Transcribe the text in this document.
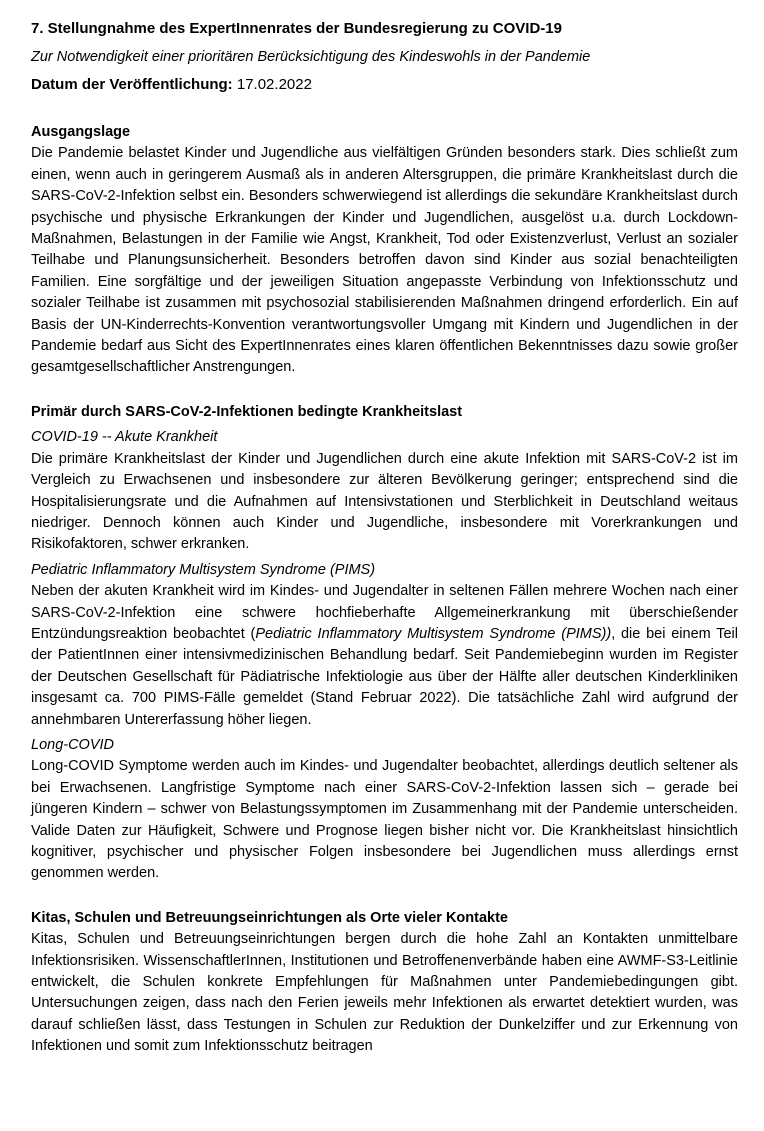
7. Stellungnahme des ExpertInnenrates der Bundesregierung zu COVID-19
Zur Notwendigkeit einer prioritären Berücksichtigung des Kindeswohls in der Pandemie
Datum der Veröffentlichung: 17.02.2022
Ausgangslage

Die Pandemie belastet Kinder und Jugendliche aus vielfältigen Gründen besonders stark. Dies schließt zum einen, wenn auch in geringerem Ausmaß als in anderen Altersgruppen, die primäre Krankheitslast durch die SARS-CoV-2-Infektion selbst ein. Besonders schwerwiegend ist allerdings die sekundäre Krankheitslast durch psychische und physische Erkrankungen der Kinder und Jugendlichen, ausgelöst u.a. durch Lockdown-Maßnahmen, Belastungen in der Familie wie Angst, Krankheit, Tod oder Existenzverlust, Verlust an sozialer Teilhabe und Planungsunsicherheit. Besonders betroffen davon sind Kinder aus sozial benachteiligten Familien. Eine sorgfältige und der jeweiligen Situation angepasste Verbindung von Infektionsschutz und sozialer Teilhabe ist zusammen mit psychosozial stabilisierenden Maßnahmen dringend erforderlich. Ein auf Basis der UN-Kinderrechts-Konvention verantwortungsvoller Umgang mit Kindern und Jugendlichen in der Pandemie bedarf aus Sicht des ExpertInnenrates eines klaren öffentlichen Bekenntnisses dazu sowie großer gesamtgesellschaftlicher Anstrengungen.

Primär durch SARS-CoV-2-Infektionen bedingte Krankheitslast
COVID-19 -- Akute Krankheit

Die primäre Krankheitslast der Kinder und Jugendlichen durch eine akute Infektion mit SARS-CoV-2 ist im Vergleich zu Erwachsenen und insbesondere zur älteren Bevölkerung geringer; entsprechend sind die Hospitalisierungsrate und die Aufnahmen auf Intensivstationen und Sterblichkeit in Deutschland weitaus niedriger. Dennoch können auch Kinder und Jugendliche, insbesondere mit Vorerkrankungen und Risikofaktoren, schwer erkranken.

Pediatric Inflammatory Multisystem Syndrome (PIMS)

Neben der akuten Krankheit wird im Kindes- und Jugendalter in seltenen Fällen mehrere Wochen nach einer SARS-CoV-2-Infektion eine schwere hochfieberhafte Allgemeinerkrankung mit überschießender Entzündungsreaktion beobachtet (Pediatric Inflammatory Multisystem Syndrome (PIMS)), die bei einem Teil der PatientInnen einer intensivmedizinischen Behandlung bedarf. Seit Pandemiebeginn wurden im Register der Deutschen Gesellschaft für Pädiatrische Infektiologie aus über der Hälfte aller deutschen Kinderkliniken insgesamt ca. 700 PIMS-Fälle gemeldet (Stand Februar 2022). Die tatsächliche Zahl wird aufgrund der annehmbaren Untererfassung höher liegen.

Long-COVID

Long-COVID Symptome werden auch im Kindes- und Jugendalter beobachtet, allerdings deutlich seltener als bei Erwachsenen. Langfristige Symptome nach einer SARS-CoV-2-Infektion lassen sich – gerade bei jüngeren Kindern – schwer von Belastungssymptomen im Zusammenhang mit der Pandemie unterscheiden. Valide Daten zur Häufigkeit, Schwere und Prognose liegen bisher nicht vor. Die Krankheitslast hinsichtlich kognitiver, psychischer und physischer Folgen insbesondere bei Jugendlichen muss allerdings ernst genommen werden.

Kitas, Schulen und Betreuungseinrichtungen als Orte vieler Kontakte

Kitas, Schulen und Betreuungseinrichtungen bergen durch die hohe Zahl an Kontakten unmittelbare Infektionsrisiken. WissenschaftlerInnen, Institutionen und Betroffenenverbände haben eine AWMF-S3-Leitlinie entwickelt, die Schulen konkrete Empfehlungen für Maßnahmen unter Pandemiebedingungen gibt. Untersuchungen zeigen, dass nach den Ferien jeweils mehr Infektionen als erwartet detektiert wurden, was darauf schließen lässt, dass Testungen in Schulen zur Reduktion der Dunkelziffer und zur Erkennung von Infektionen und somit zum Infektionsschutz beitragen
